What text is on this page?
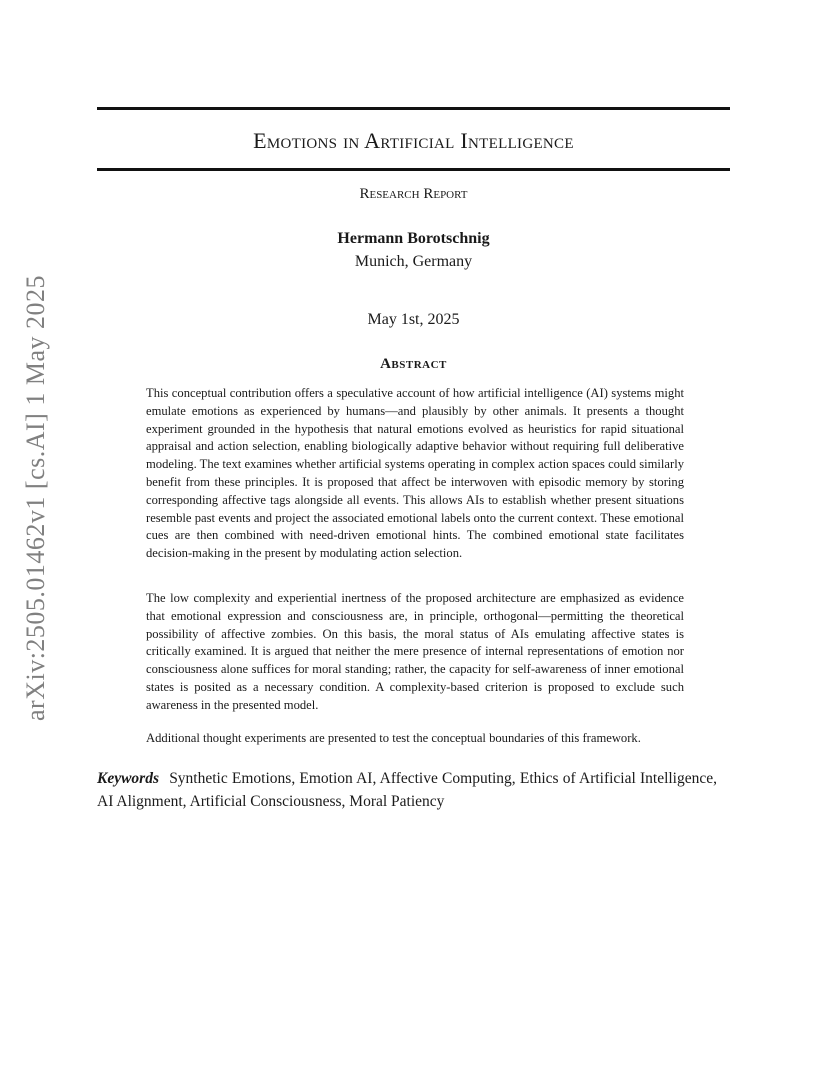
arXiv:2505.01462v1 [cs.AI] 1 May 2025
Emotions in Artificial Intelligence
Research Report
Hermann Borotschnig
Munich, Germany
May 1st, 2025
Abstract

This conceptual contribution offers a speculative account of how artificial intelligence (AI) systems might emulate emotions as experienced by humans—and plausibly by other animals. It presents a thought experiment grounded in the hypothesis that natural emotions evolved as heuristics for rapid situational appraisal and action selection, enabling biologically adaptive behavior without requiring full deliberative modeling. The text examines whether artificial systems operating in complex action spaces could similarly benefit from these principles. It is proposed that affect be interwoven with episodic memory by storing corresponding affective tags alongside all events. This allows AIs to establish whether present situations resemble past events and project the associated emotional labels onto the current context. These emotional cues are then combined with need-driven emotional hints. The combined emotional state facilitates decision-making in the present by modulating action selection.

The low complexity and experiential inertness of the proposed architecture are emphasized as evidence that emotional expression and consciousness are, in principle, orthogonal—permitting the theoretical possibility of affective zombies. On this basis, the moral status of AIs emulating affective states is critically examined. It is argued that neither the mere presence of internal representations of emotion nor consciousness alone suffices for moral standing; rather, the capacity for self-awareness of inner emotional states is posited as a necessary condition. A complexity-based criterion is proposed to exclude such awareness in the presented model.

Additional thought experiments are presented to test the conceptual boundaries of this framework.

Keywords Synthetic Emotions, Emotion AI, Affective Computing, Ethics of Artificial Intelligence, AI Alignment, Artificial Consciousness, Moral Patiency
